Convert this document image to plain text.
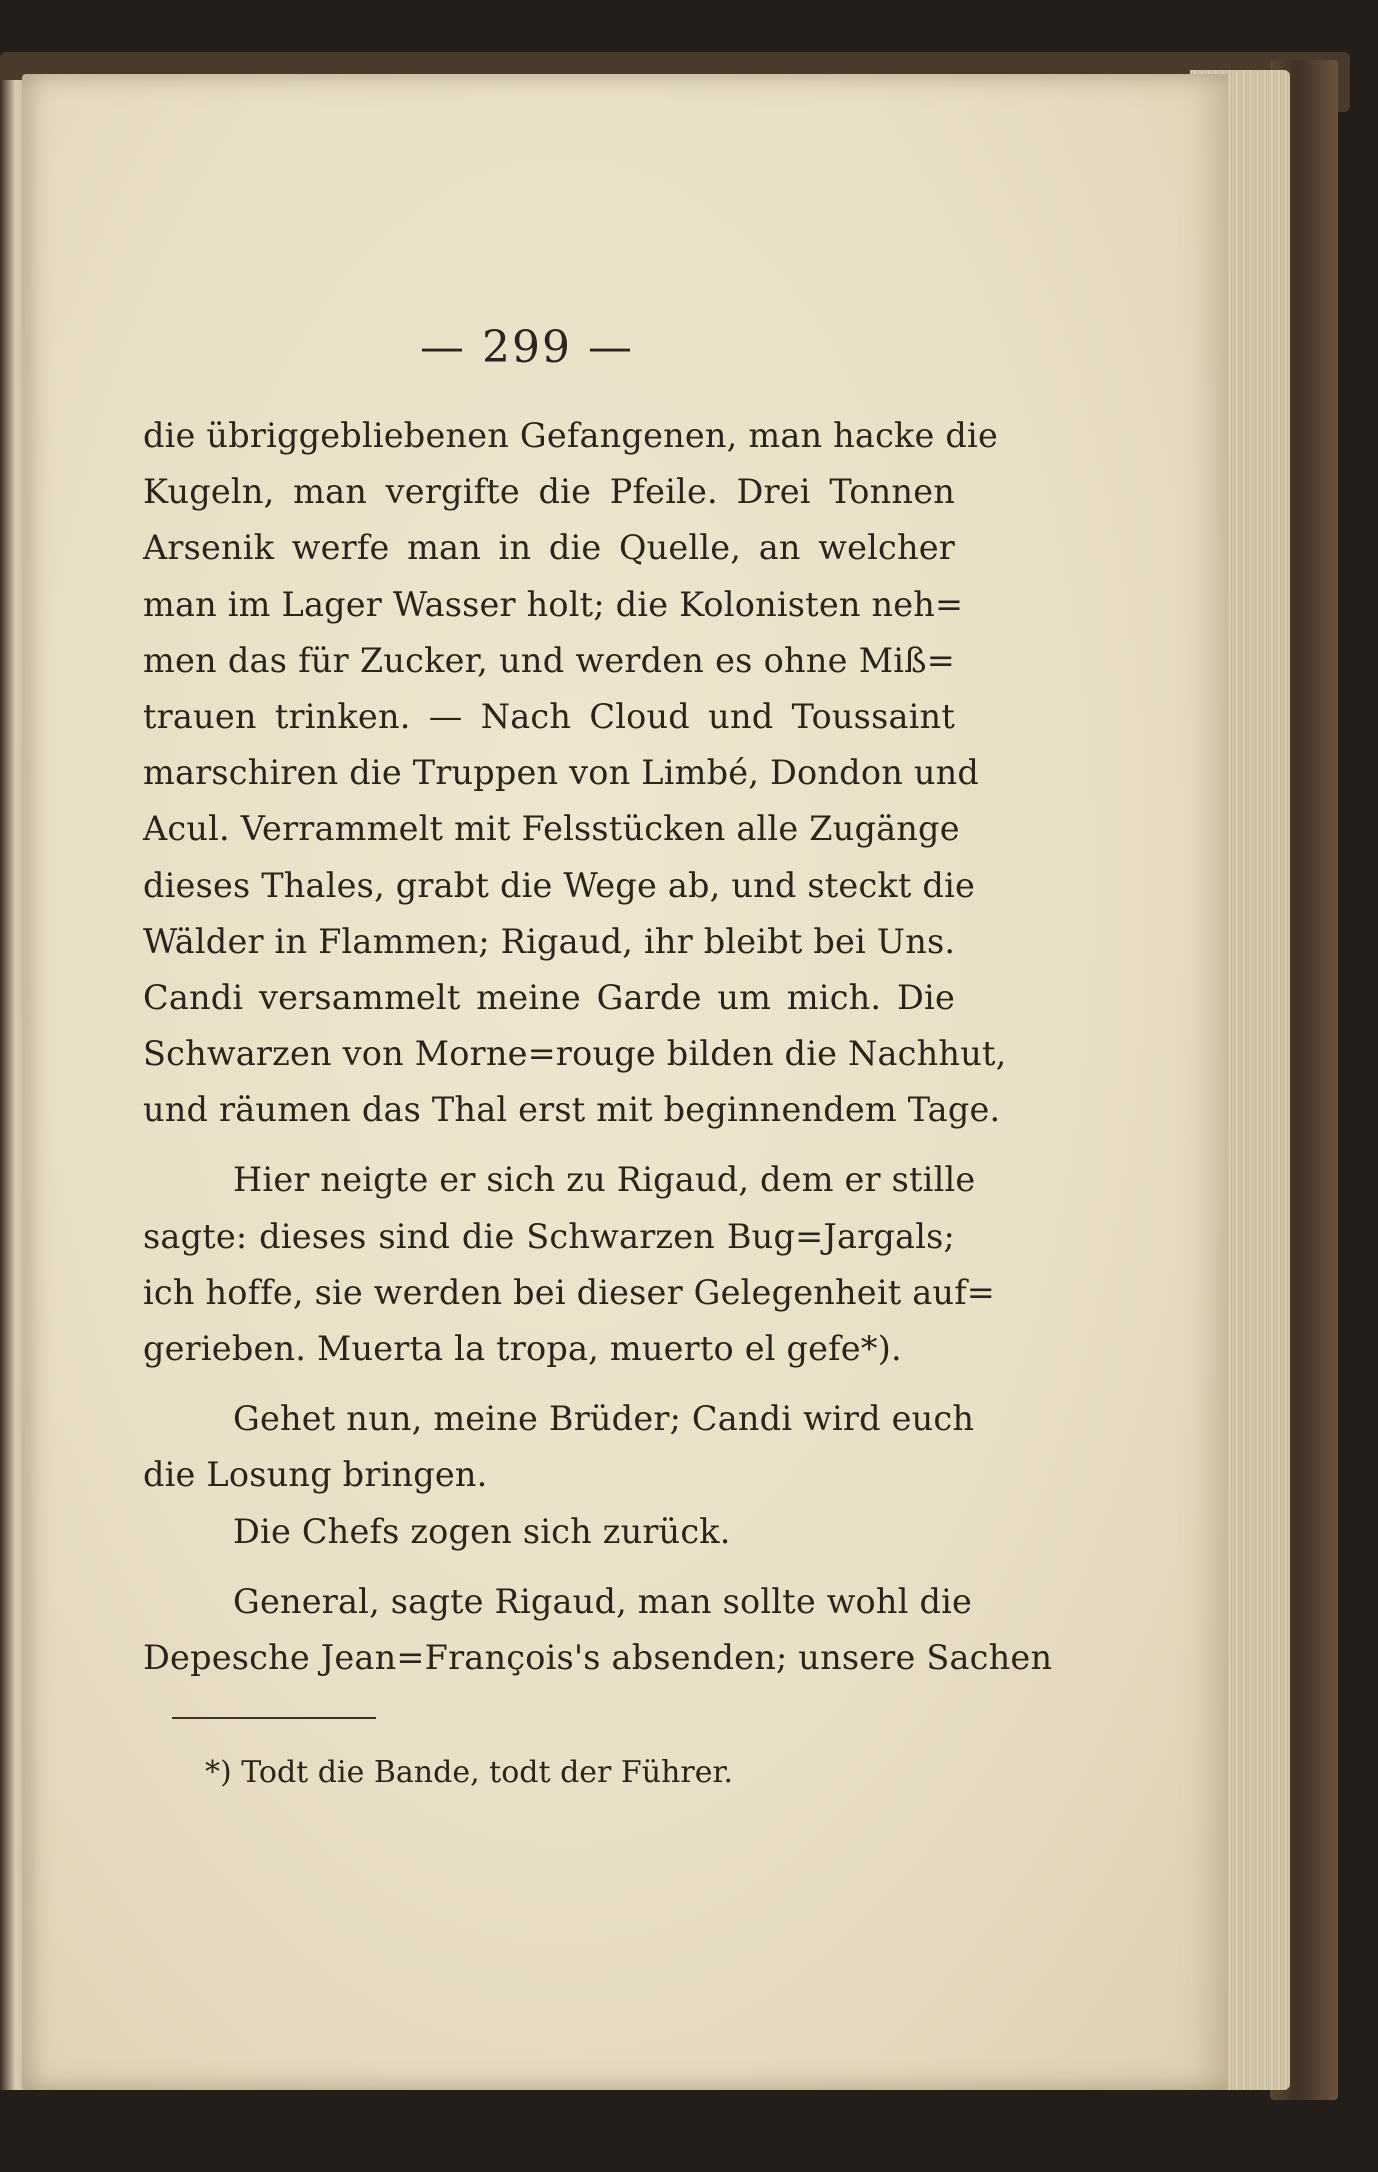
— 299 —
die übriggebliebenen Gefangenen, man hacke die
Kugeln, man vergifte die Pfeile. Drei Tonnen
Arsenik werfe man in die Quelle, an welcher
man im Lager Wasser holt; die Kolonisten neh=
men das für Zucker, und werden es ohne Miß=
trauen trinken. — Nach Cloud und Toussaint
marschiren die Truppen von Limbé, Dondon und
Acul. Verrammelt mit Felsstücken alle Zugänge
dieses Thales, grabt die Wege ab, und steckt die
Wälder in Flammen; Rigaud, ihr bleibt bei Uns.
Candi versammelt meine Garde um mich. Die
Schwarzen von Morne=rouge bilden die Nachhut,
und räumen das Thal erst mit beginnendem Tage.
Hier neigte er sich zu Rigaud, dem er stille
sagte: dieses sind die Schwarzen Bug=Jargals;
ich hoffe, sie werden bei dieser Gelegenheit auf=
gerieben. Muerta la tropa, muerto el gefe*).
Gehet nun, meine Brüder; Candi wird euch
die Losung bringen.
Die Chefs zogen sich zurück.
General, sagte Rigaud, man sollte wohl die
Depesche Jean=François's absenden; unsere Sachen
*) Todt die Bande, todt der Führer.
